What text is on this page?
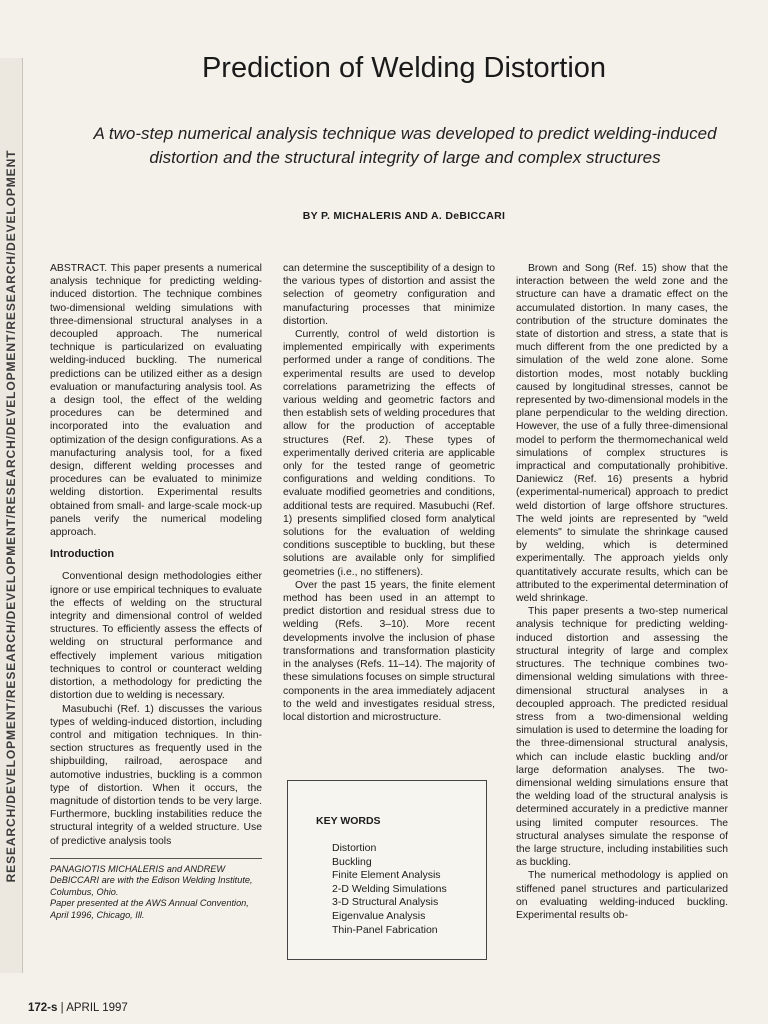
RESEARCH/DEVELOPMENT/RESEARCH/DEVELOPMENT/RESEARCH/DEVELOPMENT/RESEARCH/DEVELOPMENT
Prediction of Welding Distortion

A two-step numerical analysis technique was developed to predict welding-induced distortion and the structural integrity of large and complex structures

BY P. MICHALERIS AND A. DeBICCARI

ABSTRACT. This paper presents a numerical analysis technique for predicting welding-induced distortion. The technique combines two-dimensional welding simulations with three-dimensional structural analyses in a decoupled approach. The numerical technique is particularized on evaluating welding-induced buckling. The numerical predictions can be utilized either as a design evaluation or manufacturing analysis tool. As a design tool, the effect of the welding procedures can be determined and incorporated into the evaluation and optimization of the design configurations. As a manufacturing analysis tool, for a fixed design, different welding processes and procedures can be evaluated to minimize welding distortion. Experimental results obtained from small- and large-scale mock-up panels verify the numerical modeling approach.

Introduction

Conventional design methodologies either ignore or use empirical techniques to evaluate the effects of welding on the structural integrity and dimensional control of welded structures. To efficiently assess the effects of welding on structural performance and effectively implement various mitigation techniques to control or counteract welding distortion, a methodology for predicting the distortion due to welding is necessary.

Masubuchi (Ref. 1) discusses the various types of welding-induced distortion, including control and mitigation techniques. In thin-section structures as frequently used in the shipbuilding, railroad, aerospace and automotive industries, buckling is a common type of distortion. When it occurs, the magnitude of distortion tends to be very large. Furthermore, buckling instabilities reduce the structural integrity of a welded structure. Use of predictive analysis tools

PANAGIOTIS MICHALERIS and ANDREW DeBICCARI are with the Edison Welding Institute, Columbus, Ohio.
Paper presented at the AWS Annual Convention, April 1996, Chicago, Ill.

can determine the susceptibility of a design to the various types of distortion and assist the selection of geometry configuration and manufacturing processes that minimize distortion.

Currently, control of weld distortion is implemented empirically with experiments performed under a range of conditions. The experimental results are used to develop correlations parametrizing the effects of various welding and geometric factors and then establish sets of welding procedures that allow for the production of acceptable structures (Ref. 2). These types of experimentally derived criteria are applicable only for the tested range of geometric configurations and welding conditions. To evaluate modified geometries and conditions, additional tests are required. Masubuchi (Ref. 1) presents simplified closed form analytical solutions for the evaluation of welding conditions susceptible to buckling, but these solutions are available only for simplified geometries (i.e., no stiffeners).

Over the past 15 years, the finite element method has been used in an attempt to predict distortion and residual stress due to welding (Refs. 3–10). More recent developments involve the inclusion of phase transformations and transformation plasticity in the analyses (Refs. 11–14). The majority of these simulations focuses on simple structural components in the area immediately adjacent to the weld and investigates residual stress, local distortion and microstructure.

KEY WORDS
Distortion
Buckling
Finite Element Analysis
2-D Welding Simulations
3-D Structural Analysis
Eigenvalue Analysis
Thin-Panel Fabrication

Brown and Song (Ref. 15) show that the interaction between the weld zone and the structure can have a dramatic effect on the accumulated distortion. In many cases, the contribution of the structure dominates the state of distortion and stress, a state that is much different from the one predicted by a simulation of the weld zone alone. Some distortion modes, most notably buckling caused by longitudinal stresses, cannot be represented by two-dimensional models in the plane perpendicular to the welding direction. However, the use of a fully three-dimensional model to perform the thermomechanical weld simulations of complex structures is impractical and computationally prohibitive. Daniewicz (Ref. 16) presents a hybrid (experimental-numerical) approach to predict weld distortion of large offshore structures. The weld joints are represented by "weld elements" to simulate the shrinkage caused by welding, which is determined experimentally. The approach yields only quantitatively accurate results, which can be attributed to the experimental determination of weld shrinkage.

This paper presents a two-step numerical analysis technique for predicting welding-induced distortion and assessing the structural integrity of large and complex structures. The technique combines two-dimensional welding simulations with three-dimensional structural analyses in a decoupled approach. The predicted residual stress from a two-dimensional welding simulation is used to determine the loading for the three-dimensional structural analysis, which can include elastic buckling and/or large deformation analyses. The two-dimensional welding simulations ensure that the welding load of the structural analysis is determined accurately in a predictive manner using limited computer resources. The structural analyses simulate the response of the large structure, including instabilities such as buckling.

The numerical methodology is applied on stiffened panel structures and particularized on evaluating welding-induced buckling. Experimental results ob-

172-s | APRIL 1997
